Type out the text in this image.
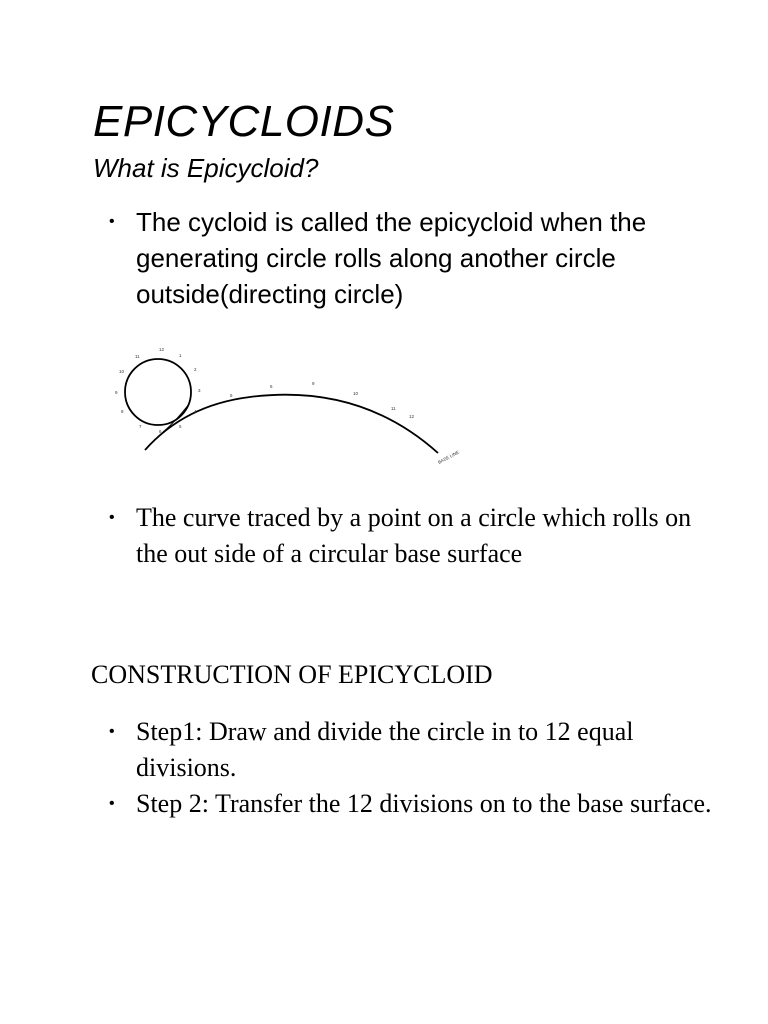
EPICYCLOIDS
What is Epicycloid?
• The cycloid is called the epicycloid when the generating circle rolls along another circle outside(directing circle)
12
1
2
3
4
5
6
7
8
9
10
11
5
6
9
10
11
12
BASE LINE
• The curve traced by a point on a circle which rolls on the out side of a circular base surface
CONSTRUCTION OF EPICYCLOID
• Step1: Draw and divide the circle in to 12 equal divisions.
• Step 2: Transfer the 12 divisions on to the base surface.
